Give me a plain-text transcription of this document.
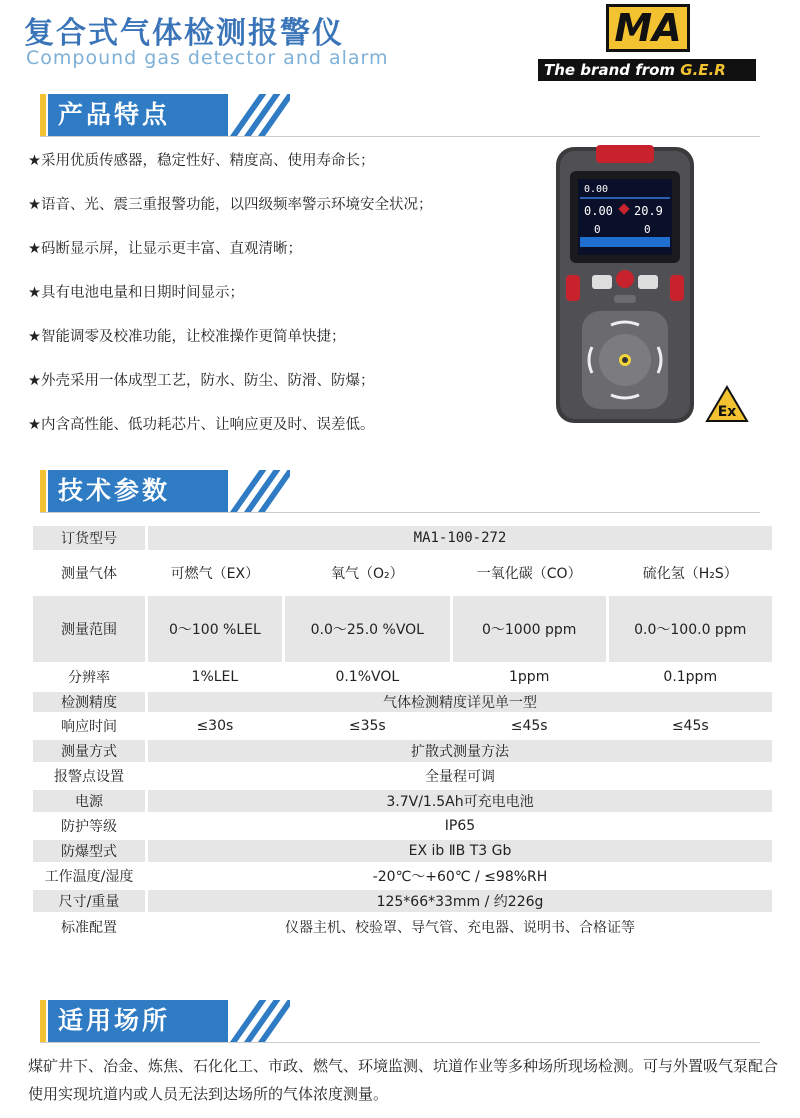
复合式气体检测报警仪
Compound gas detector and alarm
MA
The brand from G.E.R
产品特点
★采用优质传感器，稳定性好、精度高、使用寿命长；
★语音、光、震三重报警功能，以四级频率警示环境安全状况；
★码断显示屏，让显示更丰富、直观清晰；
★具有电池电量和日期时间显示；
★智能调零及校准功能，让校准操作更简单快捷；
★外壳采用一体成型工艺，防水、防尘、防滑、防爆；
★内含高性能、低功耗芯片、让响应更及时、误差低。
0.00
20.9
0.00
0	0
Ex
技术参数
订货型号	MA1-100-272			
测量气体	可燃气（EX）	氧气（O₂）	一氧化碳（CO）	硫化氢（H₂S）
测量范围	0～100 %LEL	0.0～25.0 %VOL	0～1000 ppm	0.0～100.0 ppm
分辨率	1%LEL	0.1%VOL	1ppm	0.1ppm
检测精度	气体检测精度详见单一型			
响应时间	≤30s	≤35s	≤45s	≤45s
测量方式	扩散式测量方法			
报警点设置	全量程可调			
电源	3.7V/1.5Ah可充电电池			
防护等级	IP65			
防爆型式	EX ib ⅡB T3 Gb			
工作温度/湿度	-20℃～+60℃ / ≤98%RH			
尺寸/重量	125*66*33mm / 约226g			
标准配置	仪器主机、校验罩、导气管、充电器、说明书、合格证等			
适用场所
煤矿井下、冶金、炼焦、石化化工、市政、燃气、环境监测、坑道作业等多种场所现场检测。可与外置吸气泵配合使用实现坑道内或人员无法到达场所的气体浓度测量。
